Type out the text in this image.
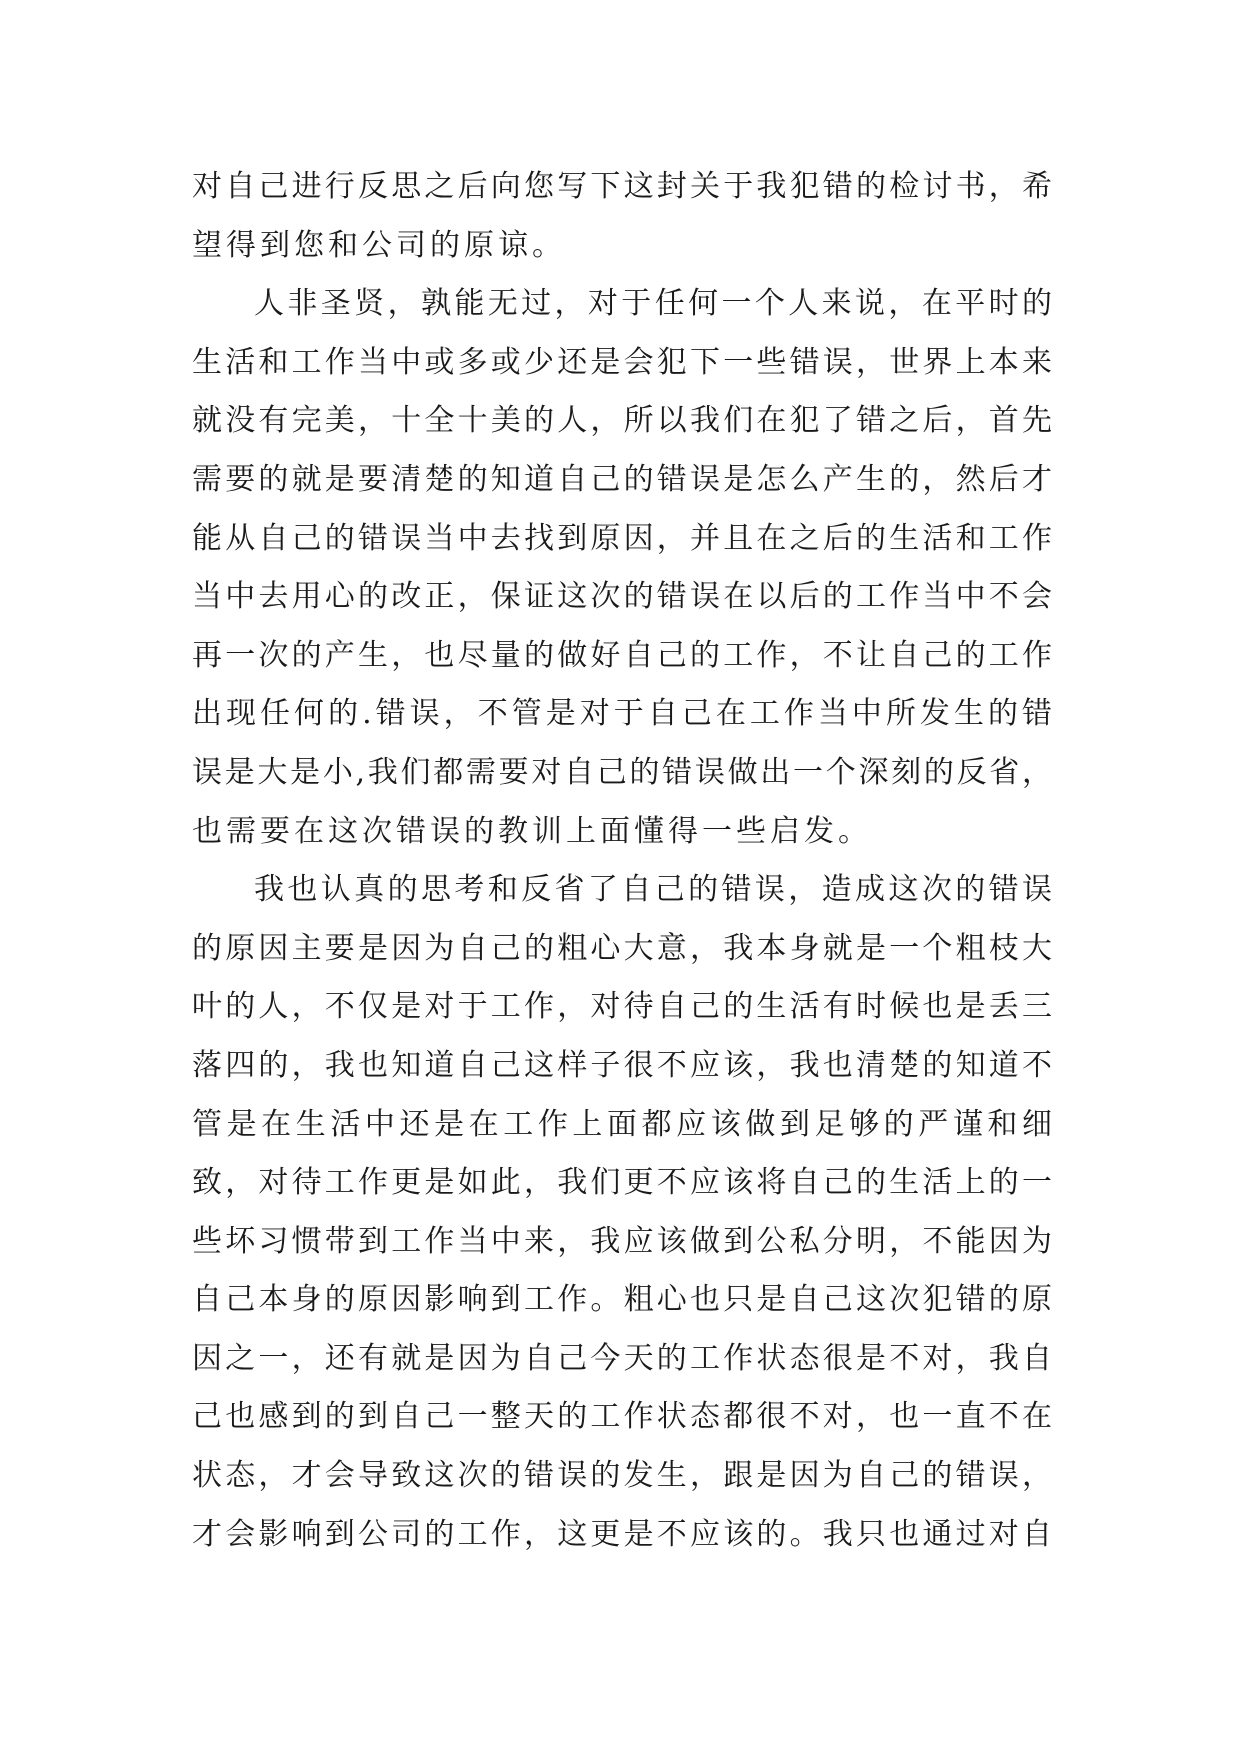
对自己进行反思之后向您写下这封关于我犯错的检讨书，希
望得到您和公司的原谅。
人非圣贤，孰能无过，对于任何一个人来说，在平时的
生活和工作当中或多或少还是会犯下一些错误，世界上本来
就没有完美，十全十美的人，所以我们在犯了错之后，首先
需要的就是要清楚的知道自己的错误是怎么产生的，然后才
能从自己的错误当中去找到原因，并且在之后的生活和工作
当中去用心的改正，保证这次的错误在以后的工作当中不会
再一次的产生，也尽量的做好自己的工作，不让自己的工作
出现任何的.错误，不管是对于自己在工作当中所发生的错
误是大是小,我们都需要对自己的错误做出一个深刻的反省，
也需要在这次错误的教训上面懂得一些启发。
我也认真的思考和反省了自己的错误，造成这次的错误
的原因主要是因为自己的粗心大意，我本身就是一个粗枝大
叶的人，不仅是对于工作，对待自己的生活有时候也是丢三
落四的，我也知道自己这样子很不应该，我也清楚的知道不
管是在生活中还是在工作上面都应该做到足够的严谨和细
致，对待工作更是如此，我们更不应该将自己的生活上的一
些坏习惯带到工作当中来，我应该做到公私分明，不能因为
自己本身的原因影响到工作。粗心也只是自己这次犯错的原
因之一，还有就是因为自己今天的工作状态很是不对，我自
己也感到的到自己一整天的工作状态都很不对，也一直不在
状态，才会导致这次的错误的发生，跟是因为自己的错误，
才会影响到公司的工作，这更是不应该的。我只也通过对自
